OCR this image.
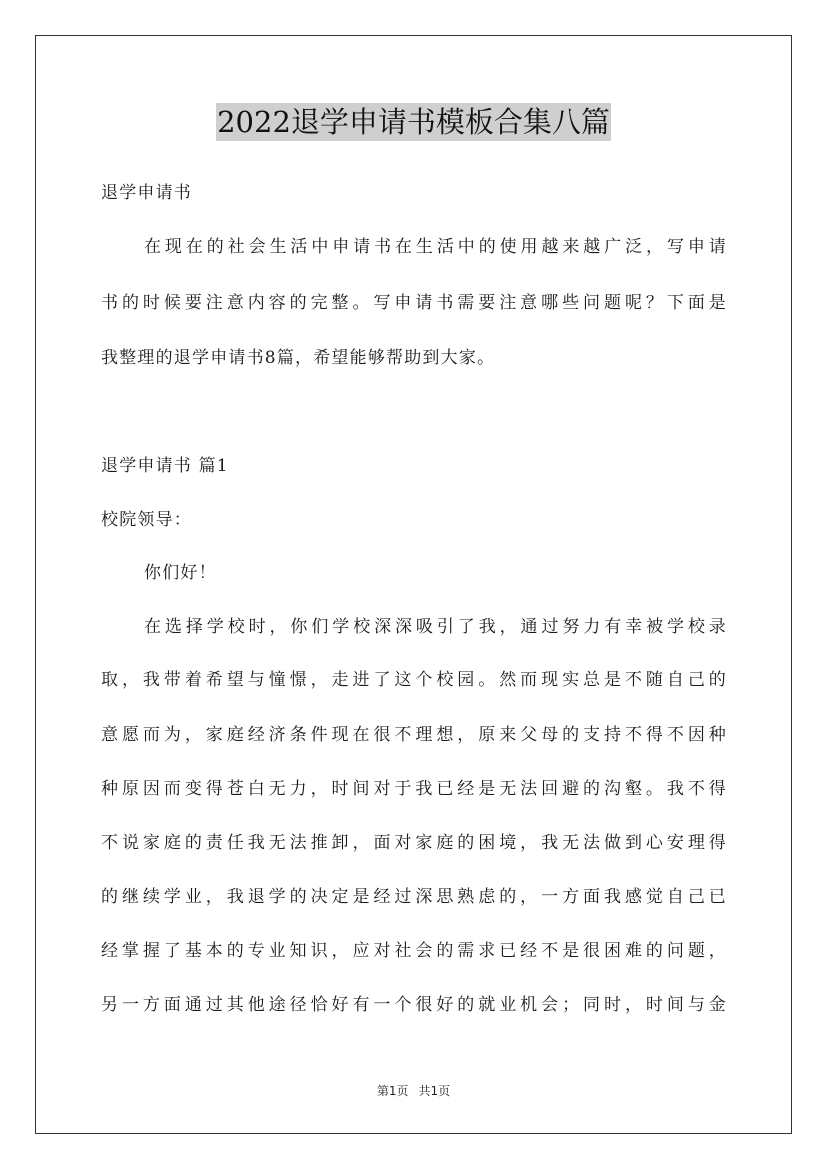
2022退学申请书模板合集八篇
退学申请书
在现在的社会生活中申请书在生活中的使用越来越广泛，写申请
书的时候要注意内容的完整。写申请书需要注意哪些问题呢？下面是
我整理的退学申请书8篇，希望能够帮助到大家。
退学申请书 篇1
校院领导：
你们好！
在选择学校时，你们学校深深吸引了我，通过努力有幸被学校录
取，我带着希望与憧憬，走进了这个校园。然而现实总是不随自己的
意愿而为，家庭经济条件现在很不理想，原来父母的支持不得不因种
种原因而变得苍白无力，时间对于我已经是无法回避的沟壑。我不得
不说家庭的责任我无法推卸，面对家庭的困境，我无法做到心安理得
的继续学业，我退学的决定是经过深思熟虑的，一方面我感觉自己已
经掌握了基本的专业知识，应对社会的需求已经不是很困难的问题，
另一方面通过其他途径恰好有一个很好的就业机会；同时，时间与金
第1页 共1页
